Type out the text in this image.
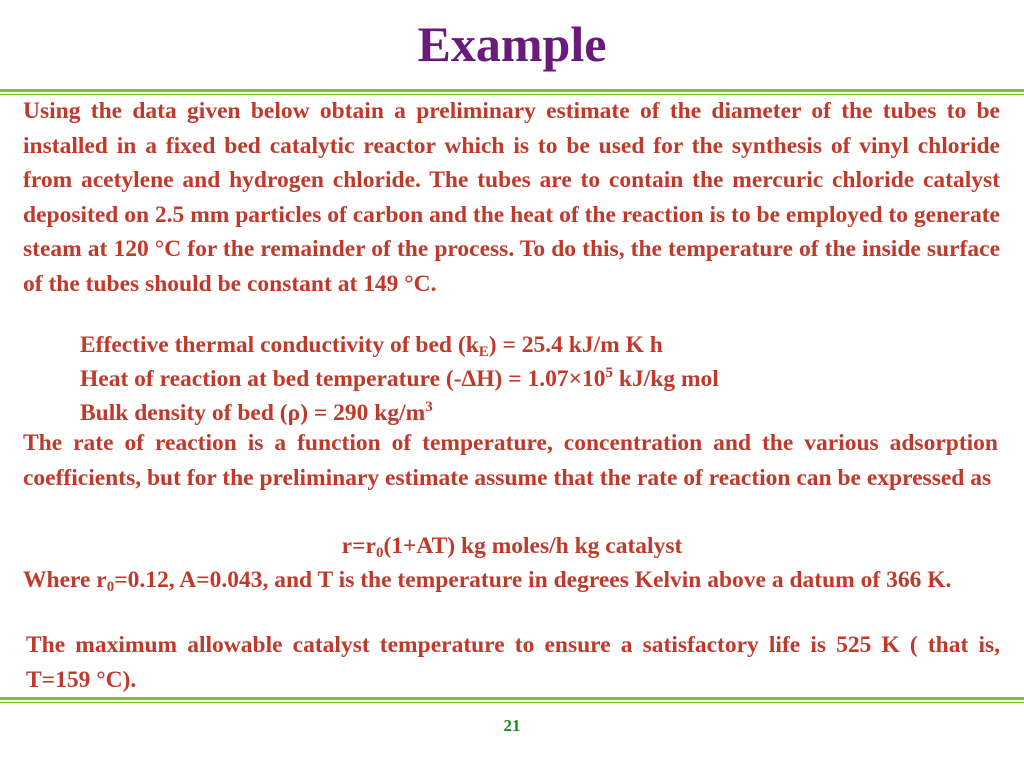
Example

Using the data given below obtain a preliminary estimate of the diameter of the tubes to be installed in a fixed bed catalytic reactor which is to be used for the synthesis of vinyl chloride from acetylene and hydrogen chloride. The tubes are to contain the mercuric chloride catalyst deposited on 2.5 mm particles of carbon and the heat of the reaction is to be employed to generate steam at 120 °C for the remainder of the process. To do this, the temperature of the inside surface of the tubes should be constant at 149 °C.

Effective thermal conductivity of bed $(k_E) = 25.4$ kJ/m K h

Heat of reaction at bed temperature $(-\Delta H) = 1.07\times 10^5$ kJ/kg mol

Bulk density of bed (ρ) = 290 $kg/m^3$

The rate of reaction is a function of temperature, concentration and the various adsorption coefficients, but for the preliminary estimate assume that the rate of reaction can be expressed as

$r=r_0(1+AT)$ kg moles/h kg catalyst

Where $r_0=0.12$, A=0.043, and T is the temperature in degrees Kelvin above a datum of 366 K.

The maximum allowable catalyst temperature to ensure a satisfactory life is 525 K ( that is, T=159 °C).

21
